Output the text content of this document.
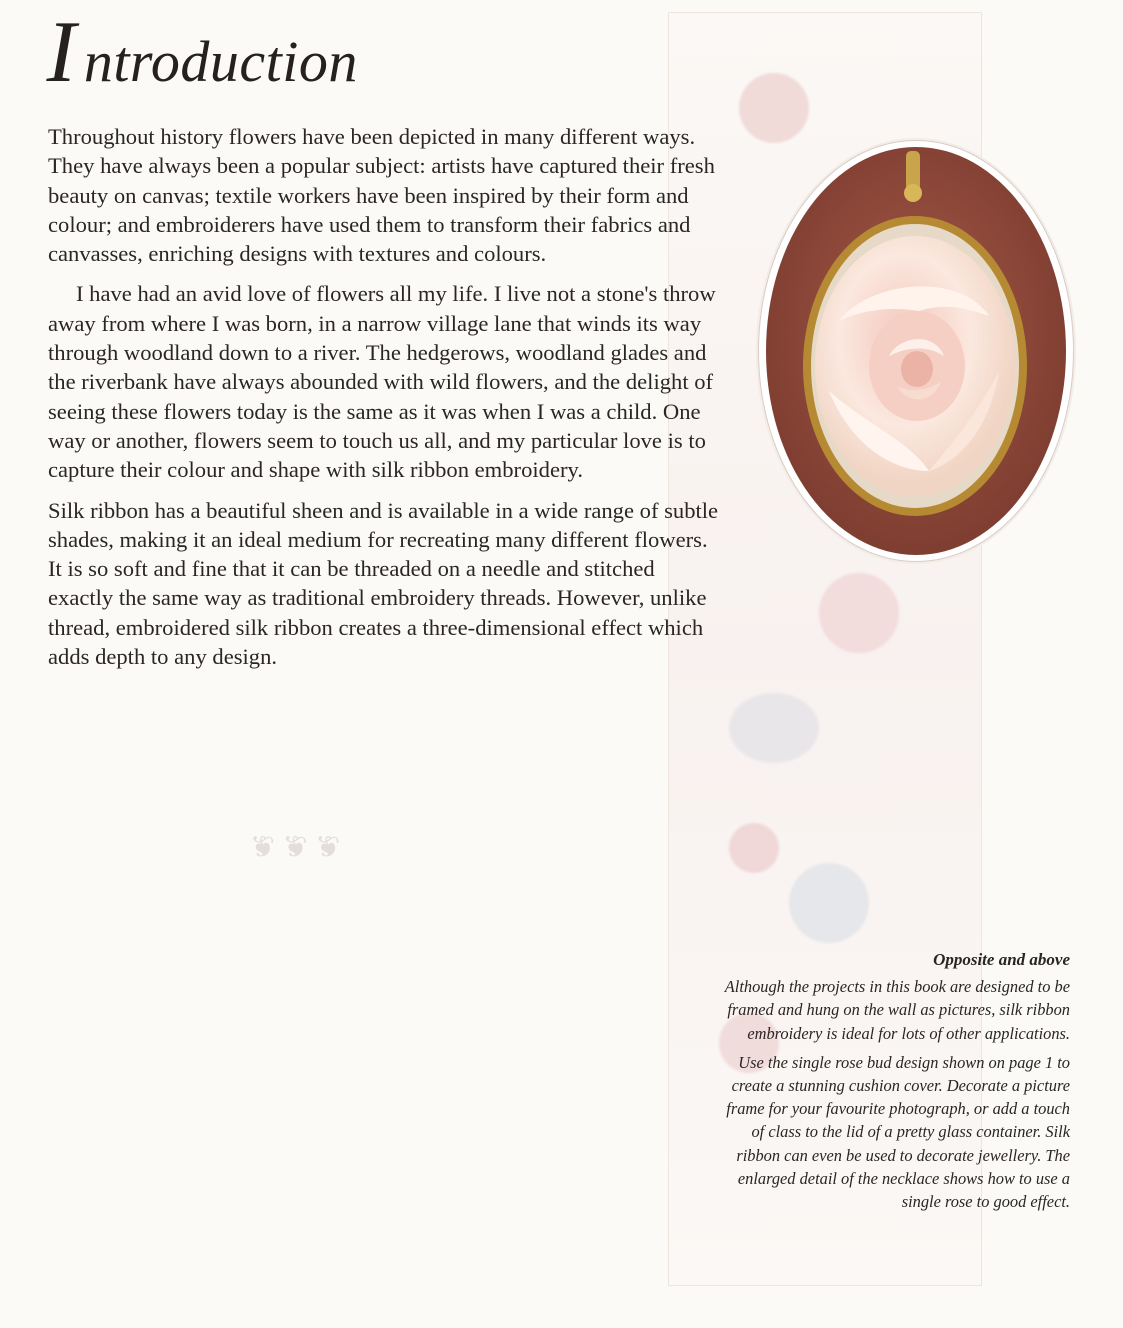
❦ ❦ ❦
Introduction

Throughout history flowers have been depicted in many different ways. They have always been a popular subject: artists have captured their fresh beauty on canvas; textile workers have been inspired by their form and colour; and embroiderers have used them to transform their fabrics and canvasses, enriching designs with textures and colours.

I have had an avid love of flowers all my life. I live not a stone's throw away from where I was born, in a narrow village lane that winds its way through woodland down to a river. The hedgerows, woodland glades and the riverbank have always abounded with wild flowers, and the delight of seeing these flowers today is the same as it was when I was a child. One way or another, flowers seem to touch us all, and my particular love is to capture their colour and shape with silk ribbon embroidery.

Silk ribbon has a beautiful sheen and is available in a wide range of subtle shades, making it an ideal medium for recreating many different flowers. It is so soft and fine that it can be threaded on a needle and stitched exactly the same way as traditional embroidery threads. However, unlike thread, embroidered silk ribbon creates a three-dimensional effect which adds depth to any design.

Opposite and above

Although the projects in this book are designed to be framed and hung on the wall as pictures, silk ribbon embroidery is ideal for lots of other applications.

Use the single rose bud design shown on page 1 to create a stunning cushion cover. Decorate a picture frame for your favourite photograph, or add a touch of class to the lid of a pretty glass container. Silk ribbon can even be used to decorate jewellery. The enlarged detail of the necklace shows how to use a single rose to good effect.
